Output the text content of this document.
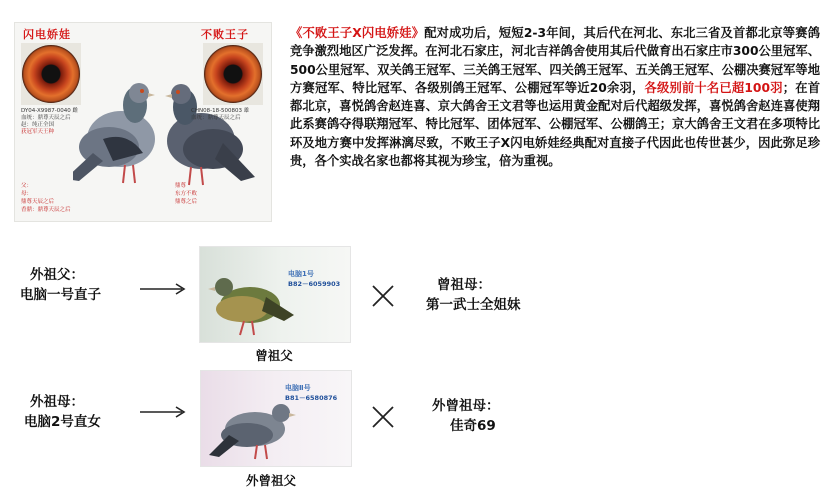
闪电娇娃	不败王子
DY04-X9987-0040 雌
血统：鼎尊天辰之后
赵：纯正全国
获冠军天王种
CHN08-18-500803 雄
血统：鼎尊天辰之后
父：
母：
鼎尊天辰之后
香鼎：鼎尊天辰之后
鼎尊
东方不败
鼎尊之后
《不败王子X闪电娇娃》配对成功后，短短2-3年间，其后代在河北、东北三省及首都北京等赛鸽竞争激烈地区广泛发挥。在河北石家庄，河北吉祥鸽舍使用其后代做育出石家庄市300公里冠军、500公里冠军、双关鸽王冠军、三关鸽王冠军、四关鸽王冠军、五关鸽王冠军、公棚决赛冠军等地方赛冠军、特比冠军、各级别鸽王冠军、公棚冠军等近20余羽，各级别前十名已超100羽；在首都北京，喜悦鸽舍赵连喜、京大鸽舍王文君等也运用黄金配对后代超级发挥，喜悦鸽舍赵连喜使翔此系赛鸽夺得联翔冠军、特比冠军、团体冠军、公棚冠军、公棚鸽王；京大鸽舍王文君在多项特比环及地方赛中发挥淋漓尽致，不败王子X闪电娇娃经典配对直接子代因此也传世甚少，因此弥足珍贵，各个实战名家也都将其视为珍宝，倍为重视。
外祖父：
电脑一号直子
电脑1号
B82－6059903
曾祖父
曾祖母：
第一武士全姐妹
外祖母：
电脑2号直女
电脑Ⅱ号
B81－6580876
外曾祖父
外曾祖母：
佳奇69
